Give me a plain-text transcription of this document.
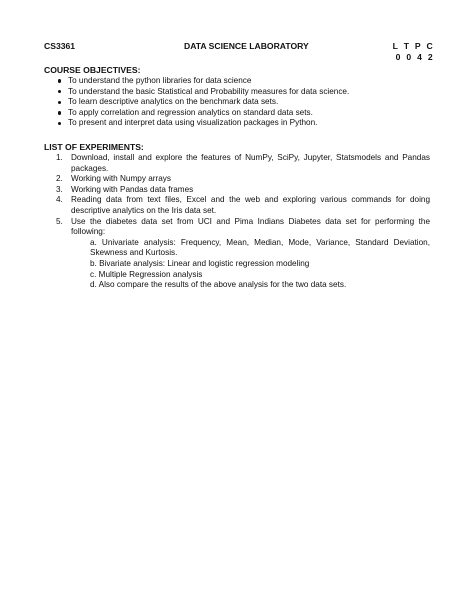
CS3361	DATA SCIENCE LABORATORY	L T P C
0 0 4 2
COURSE OBJECTIVES:
To understand the python libraries for data science
To understand the basic Statistical and Probability measures for data science.
To learn descriptive analytics on the benchmark data sets.
To apply correlation and regression analytics on standard data sets.
To present and interpret data using visualization packages in Python.
LIST OF EXPERIMENTS:
1. Download, install and explore the features of NumPy, SciPy, Jupyter, Statsmodels and Pandas packages.
2. Working with Numpy arrays
3. Working with Pandas data frames
4. Reading data from text files, Excel and the web and exploring various commands for doing descriptive analytics on the Iris data set.
5. Use the diabetes data set from UCI and Pima Indians Diabetes data set for performing the following:
a. Univariate analysis: Frequency, Mean, Median, Mode, Variance, Standard Deviation, Skewness and Kurtosis.
b. Bivariate analysis: Linear and logistic regression modeling
c. Multiple Regression analysis
d. Also compare the results of the above analysis for the two data sets.
